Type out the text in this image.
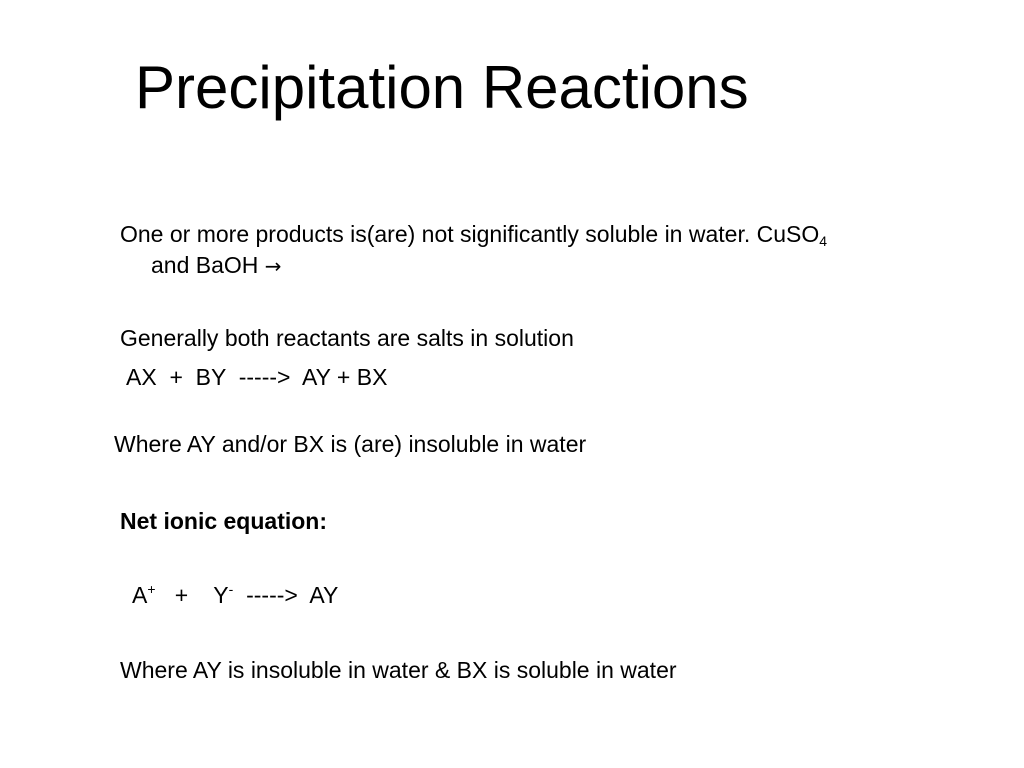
Precipitation Reactions
One or more products is(are) not significantly soluble in water. CuSO$_4$
and BaOH →
Generally both reactants are salts in solution
AX  +  BY  ----->  AY + BX
Where AY and/or BX is (are) insoluble in water
Net ionic equation:
A+ + Y- ----->  AY
Where AY is insoluble in water & BX is soluble in water
